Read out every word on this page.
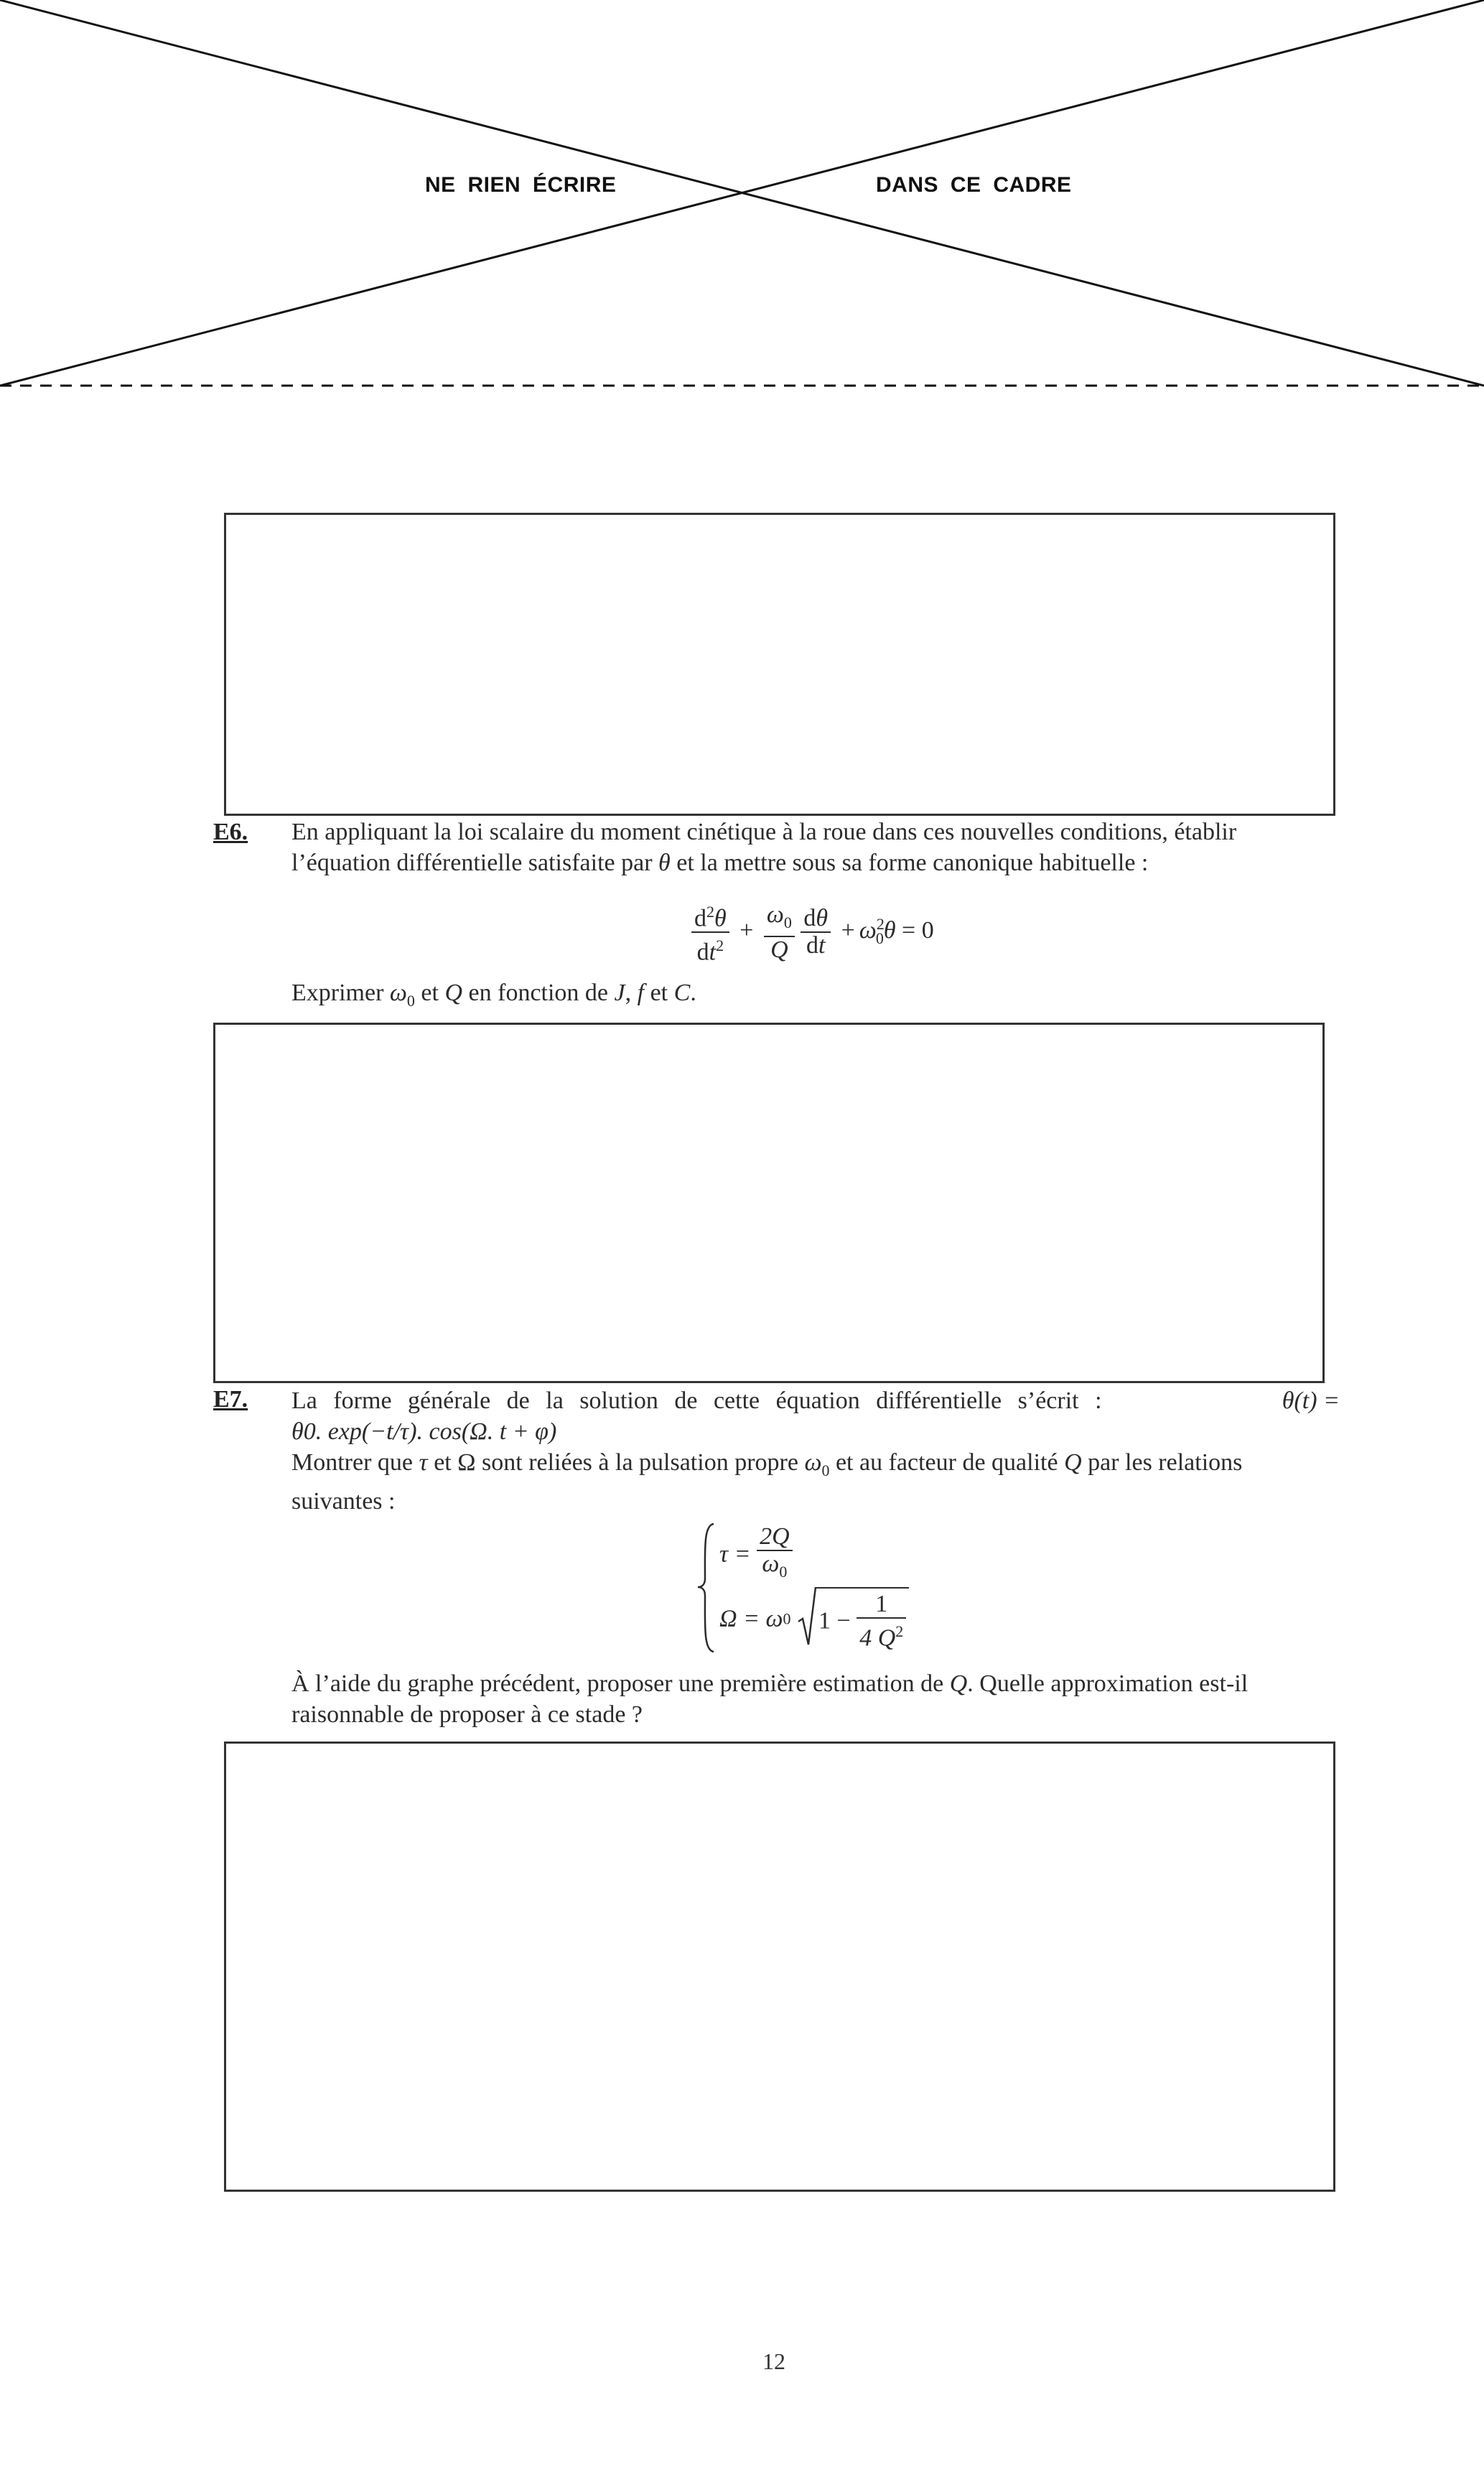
NE RIEN ÉCRIRE	DANS CE CADRE
E6. En appliquant la loi scalaire du moment cinétique à la roue dans ces nouvelles conditions, établir
l’équation différentielle satisfaite par θ et la mettre sous sa forme canonique habituelle :
$\frac{d^2\theta}{dt^2} + \frac{\omega_0}{Q}$
$\frac{d\theta}{dt} + \omega^2_0\theta = 0$
Exprimer $\omega_0$ et Q en fonction de J, f et C.
E7. La forme générale de la solution de cette équation différentielle s’écrit :	θ(t) =
θ0. exp(−t/τ). cos(Ω. t + φ)
Montrer que τ et Ω sont reliées à la pulsation propre $\omega_0$ et au facteur de qualité Q par les relations
suivantes :
$\tau = \frac{2Q}{\omega_0}$
Ω = ω0 $1 - \frac{1}{4 Q^2}$
À l’aide du graphe précédent, proposer une première estimation de Q. Quelle approximation est-il
raisonnable de proposer à ce stade ?
12
